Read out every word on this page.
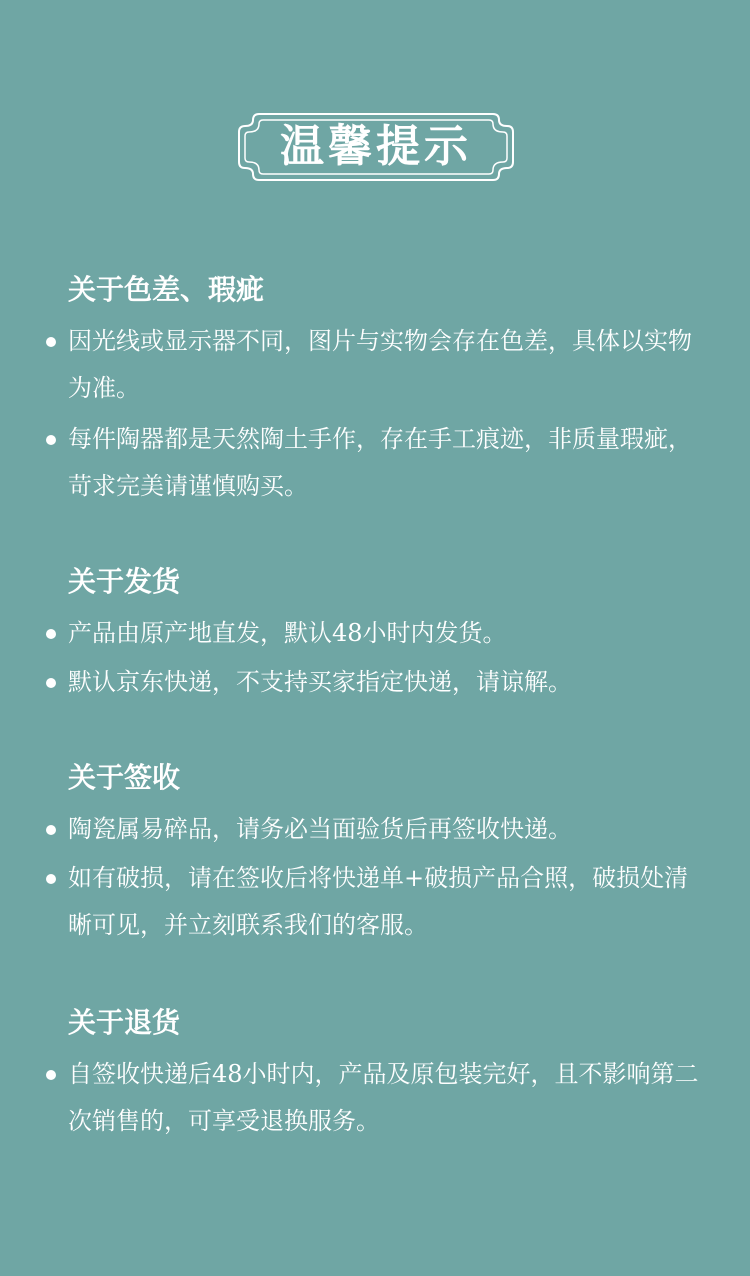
温馨提示
关于色差、瑕疵
因光线或显示器不同，图片与实物会存在色差，具体以实物为准。
每件陶器都是天然陶土手作，存在手工痕迹，非质量瑕疵，苛求完美请谨慎购买。
关于发货
产品由原产地直发，默认48小时内发货。
默认京东快递，不支持买家指定快递，请谅解。
关于签收
陶瓷属易碎品，请务必当面验货后再签收快递。
如有破损，请在签收后将快递单+破损产品合照，破损处清晰可见，并立刻联系我们的客服。
关于退货
自签收快递后48小时内，产品及原包装完好，且不影响第二次销售的，可享受退换服务。
